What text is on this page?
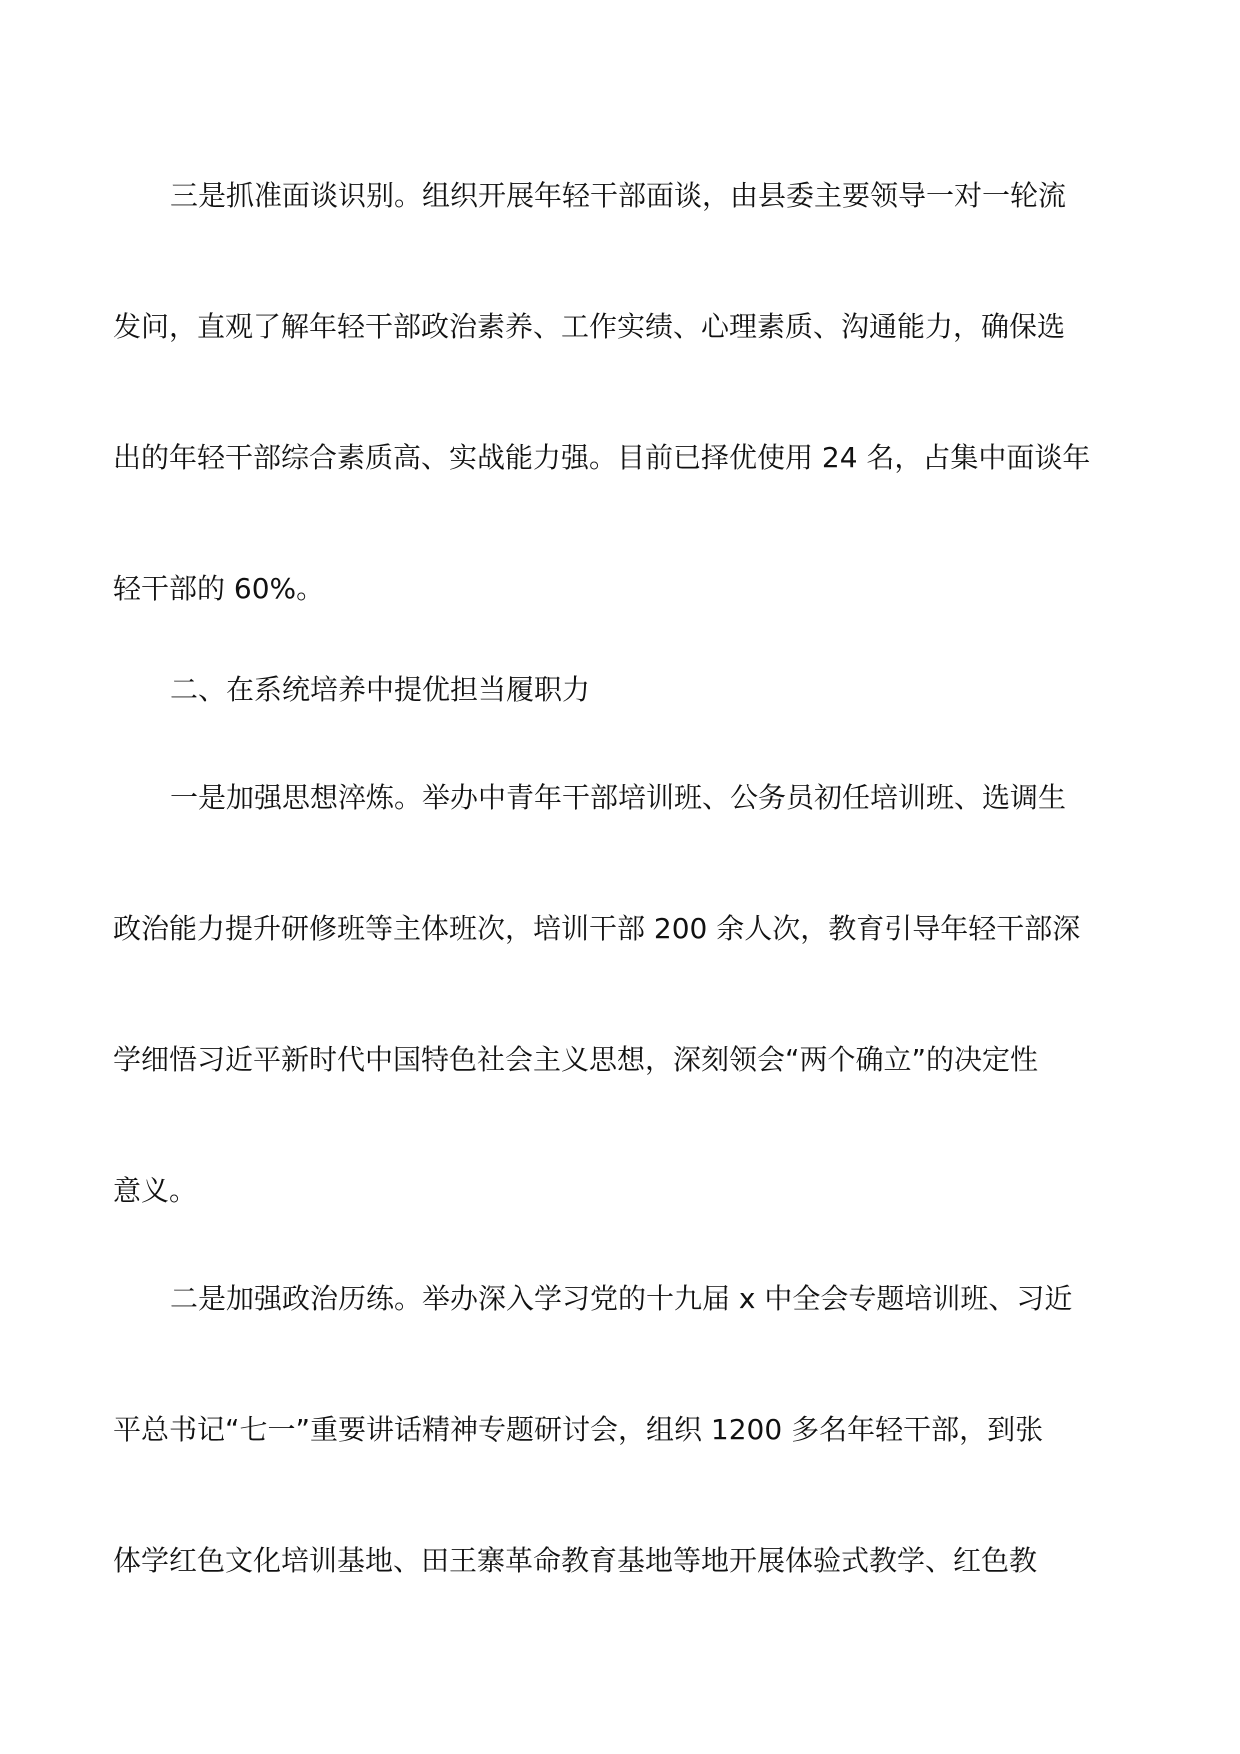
三是抓准面谈识别。组织开展年轻干部面谈，由县委主要领导一对一轮流

发问，直观了解年轻干部政治素养、工作实绩、心理素质、沟通能力，确保选

出的年轻干部综合素质高、实战能力强。目前已择优使用 24 名，占集中面谈年

轻干部的 60%。

二、在系统培养中提优担当履职力

一是加强思想淬炼。举办中青年干部培训班、公务员初任培训班、选调生

政治能力提升研修班等主体班次，培训干部 200 余人次，教育引导年轻干部深

学细悟习近平新时代中国特色社会主义思想，深刻领会“两个确立”的决定性

意义。

二是加强政治历练。举办深入学习党的十九届 x 中全会专题培训班、习近

平总书记“七一”重要讲话精神专题研讨会，组织 1200 多名年轻干部，到张

体学红色文化培训基地、田王寨革命教育基地等地开展体验式教学、红色教
